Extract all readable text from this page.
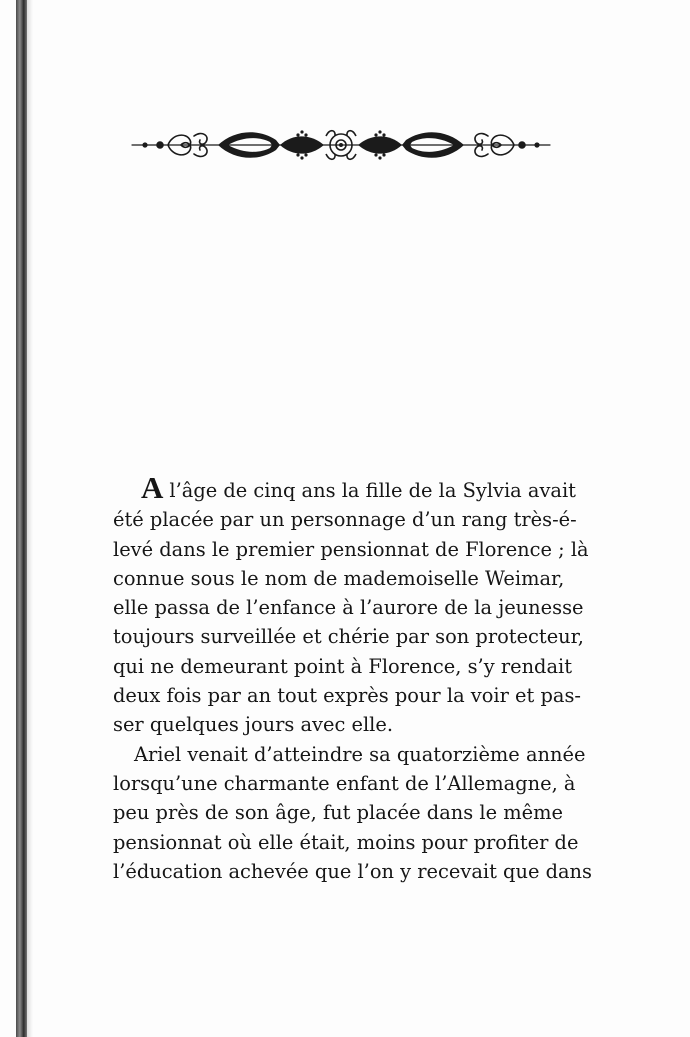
Al’âge de cinq ans la fille de la Sylvia avait
été placée par un personnage d’un rang très-é-
levé dans le premier pensionnat de Florence ; là
connue sous le nom de mademoiselle Weimar,
elle passa de l’enfance à l’aurore de la jeunesse
toujours surveillée et chérie par son protecteur,
qui ne demeurant point à Florence, s’y rendait
deux fois par an tout exprès pour la voir et pas-
ser quelques jours avec elle.
Ariel venait d’atteindre sa quatorzième année
lorsqu’une charmante enfant de l’Allemagne, à
peu près de son âge, fut placée dans le même
pensionnat où elle était, moins pour profiter de
l’éducation achevée que l’on y recevait que dans
